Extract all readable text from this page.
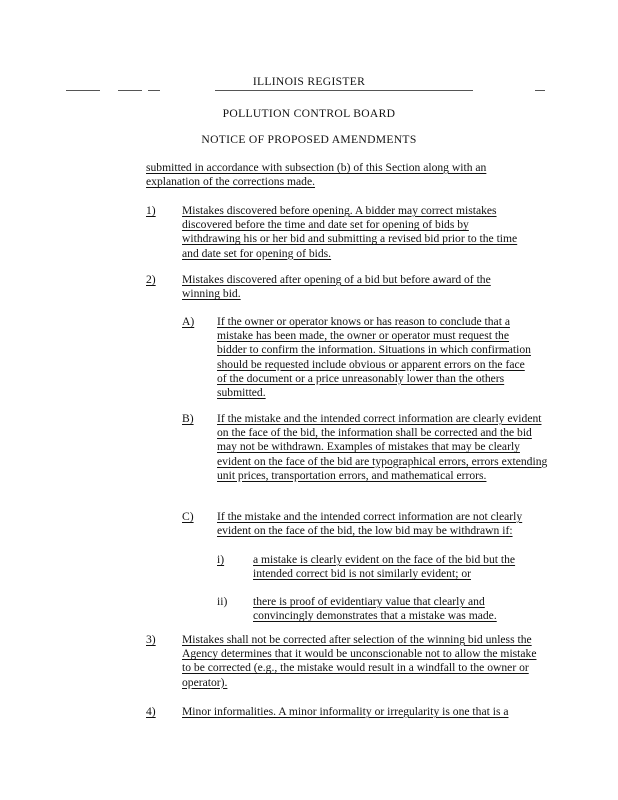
ILLINOIS REGISTER
POLLUTION CONTROL BOARD
NOTICE OF PROPOSED AMENDMENTS
submitted in accordance with subsection (b) of this Section along with an explanation of the corrections made.
1) Mistakes discovered before opening. A bidder may correct mistakes discovered before the time and date set for opening of bids by withdrawing his or her bid and submitting a revised bid prior to the time and date set for opening of bids.
2) Mistakes discovered after opening of a bid but before award of the winning bid.
A) If the owner or operator knows or has reason to conclude that a mistake has been made, the owner or operator must request the bidder to confirm the information. Situations in which confirmation should be requested include obvious or apparent errors on the face of the document or a price unreasonably lower than the others submitted.
B) If the mistake and the intended correct information are clearly evident on the face of the bid, the information shall be corrected and the bid may not be withdrawn. Examples of mistakes that may be clearly evident on the face of the bid are typographical errors, errors extending unit prices, transportation errors, and mathematical errors.
C) If the mistake and the intended correct information are not clearly evident on the face of the bid, the low bid may be withdrawn if:
i) a mistake is clearly evident on the face of the bid but the intended correct bid is not similarly evident; or
ii) there is proof of evidentiary value that clearly and convincingly demonstrates that a mistake was made.
3) Mistakes shall not be corrected after selection of the winning bid unless the Agency determines that it would be unconscionable not to allow the mistake to be corrected (e.g., the mistake would result in a windfall to the owner or operator).
4) Minor informalities. A minor informality or irregularity is one that is a
